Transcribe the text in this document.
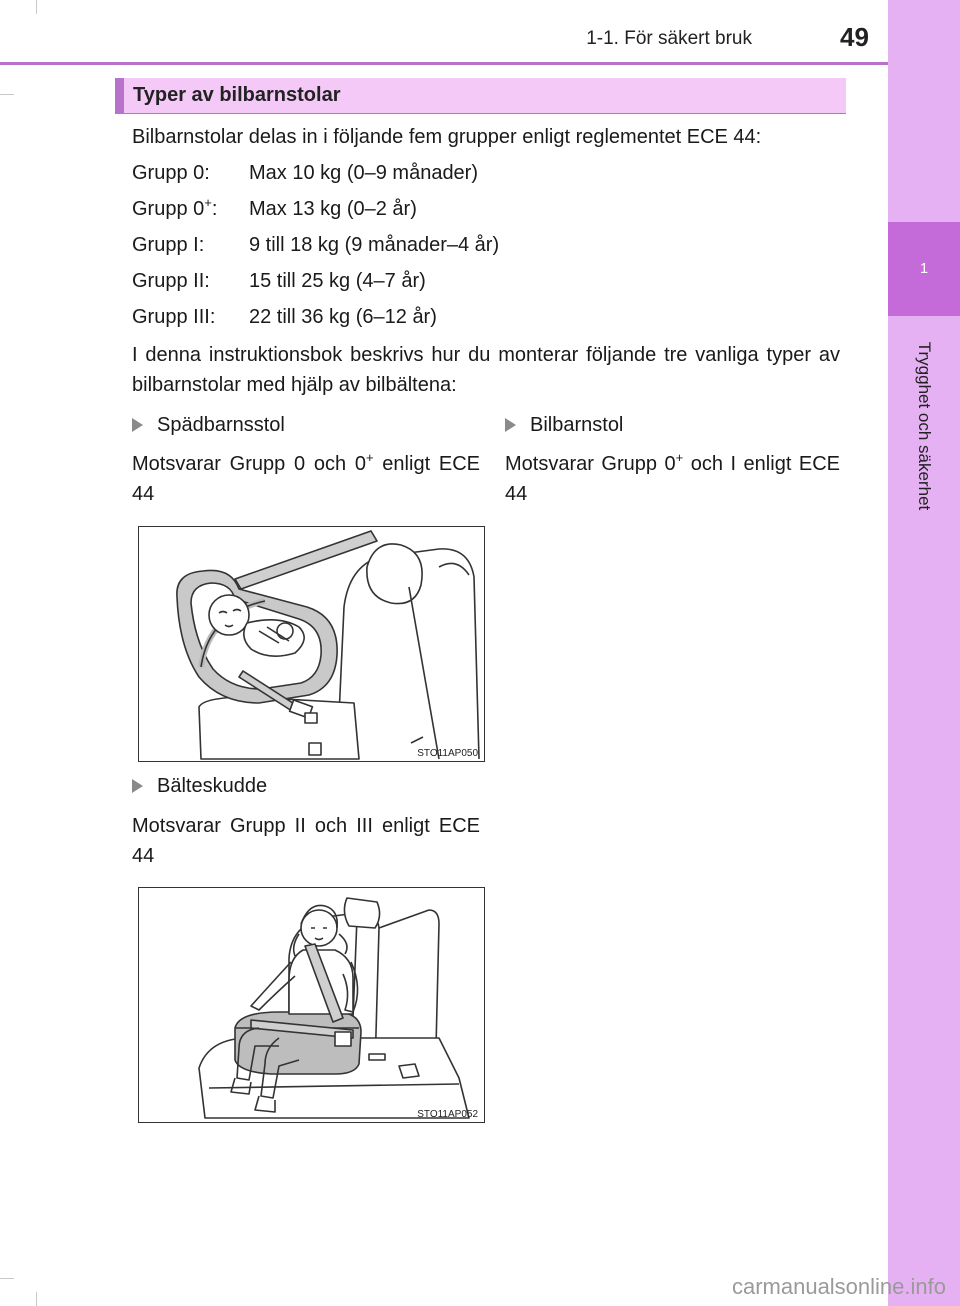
1
Trygghet och säkerhet
1-1. För säkert bruk	49
Typer av bilbarnstolar
Bilbarnstolar delas in i följande fem grupper enligt reglementet ECE 44:
Grupp 0: Max 10 kg (0–9 månader)
Grupp 0+: Max 13 kg (0–2 år)
Grupp I: 9 till 18 kg (9 månader–4 år)
Grupp II: 15 till 25 kg (4–7 år)
Grupp III: 22 till 36 kg (6–12 år)
I denna instruktionsbok beskrivs hur du monterar följande tre vanliga typer av bilbarnstolar med hjälp av bilbältena:
Spädbarnsstol
Motsvarar Grupp 0 och 0+ enligt ECE 44
Bilbarnstol
Motsvarar Grupp 0+ och I enligt ECE 44
STO11AP050
Bälteskudde
Motsvarar Grupp II och III enligt ECE 44
STO11AP052
carmanualsonline.info
